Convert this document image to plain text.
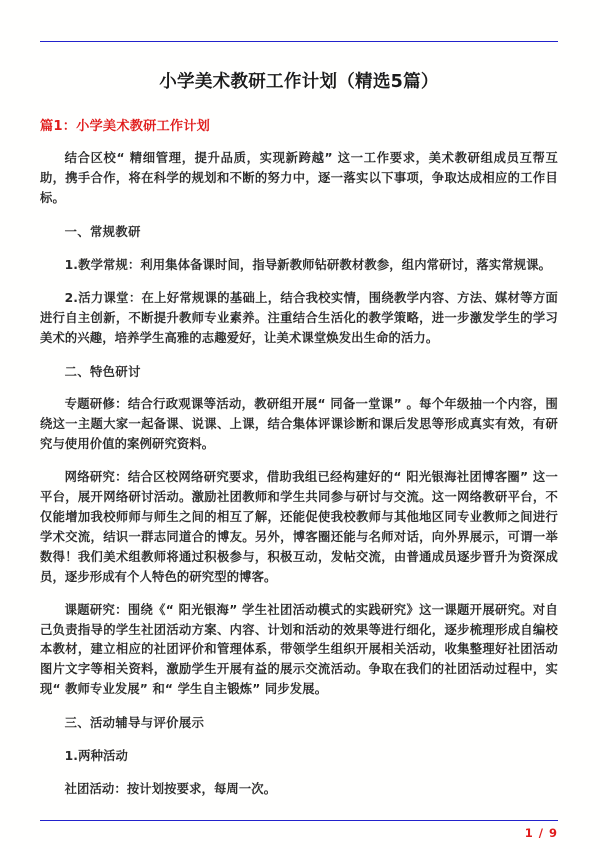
小学美术教研工作计划（精选5篇）
篇1：小学美术教研工作计划

结合区校“ 精细管理，提升品质，实现新跨越” 这一工作要求，美术教研组成员互帮互助，携手合作，将在科学的规划和不断的努力中，逐一落实以下事项，争取达成相应的工作目标。

一、常规教研

1.教学常规：利用集体备课时间，指导新教师钻研教材教参，组内常研讨，落实常规课。

2.活力课堂：在上好常规课的基础上，结合我校实情，围绕教学内容、方法、媒材等方面进行自主创新，不断提升教师专业素养。注重结合生活化的教学策略，进一步激发学生的学习美术的兴趣，培养学生高雅的志趣爱好，让美术课堂焕发出生命的活力。

二、特色研讨

专题研修：结合行政观课等活动，教研组开展“ 同备一堂课” 。每个年级抽一个内容，围绕这一主题大家一起备课、说课、上课，结合集体评课诊断和课后发思等形成真实有效，有研究与使用价值的案例研究资料。

网络研究：结合区校网络研究要求，借助我组已经构建好的“ 阳光银海社团博客圈” 这一平台，展开网络研讨活动。激励社团教师和学生共同参与研讨与交流。这一网络教研平台，不仅能增加我校师师与师生之间的相互了解，还能促使我校教师与其他地区同专业教师之间进行学术交流，结识一群志同道合的博友。另外，博客圈还能与名师对话，向外界展示，可谓一举数得！我们美术组教师将通过积极参与，积极互动，发帖交流，由普通成员逐步晋升为资深成员，逐步形成有个人特色的研究型的博客。

课题研究：围绕《“ 阳光银海” 学生社团活动模式的实践研究》这一课题开展研究。对自己负责指导的学生社团活动方案、内容、计划和活动的效果等进行细化，逐步梳理形成自编校本教材，建立相应的社团评价和管理体系，带领学生组织开展相关活动，收集整理好社团活动图片文字等相关资料，激励学生开展有益的展示交流活动。争取在我们的社团活动过程中，实现“ 教师专业发展” 和“ 学生自主锻炼” 同步发展。

三、活动辅导与评价展示

1.两种活动

社团活动：按计划按要求，每周一次。

1 / 9
